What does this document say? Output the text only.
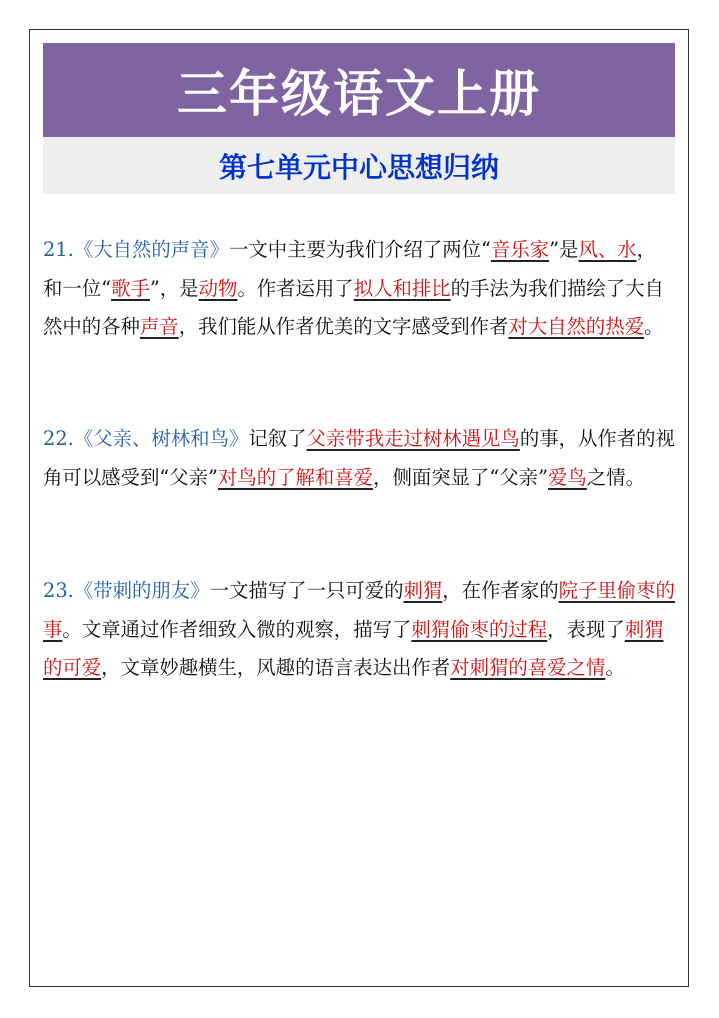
三年级语文上册
第七单元中心思想归纳

21.《大自然的声音》一文中主要为我们介绍了两位“音乐家”是风、水，和一位“歌手”，是动物。作者运用了拟人和排比的手法为我们描绘了大自然中的各种声音，我们能从作者优美的文字感受到作者对大自然的热爱。

22.《父亲、树林和鸟》记叙了父亲带我走过树林遇见鸟的事，从作者的视角可以感受到“父亲”对鸟的了解和喜爱，侧面突显了“父亲”爱鸟之情。

23.《带刺的朋友》一文描写了一只可爱的刺猬，在作者家的院子里偷枣的事。文章通过作者细致入微的观察，描写了刺猬偷枣的过程，表现了刺猬的可爱，文章妙趣横生，风趣的语言表达出作者对刺猬的喜爱之情。
